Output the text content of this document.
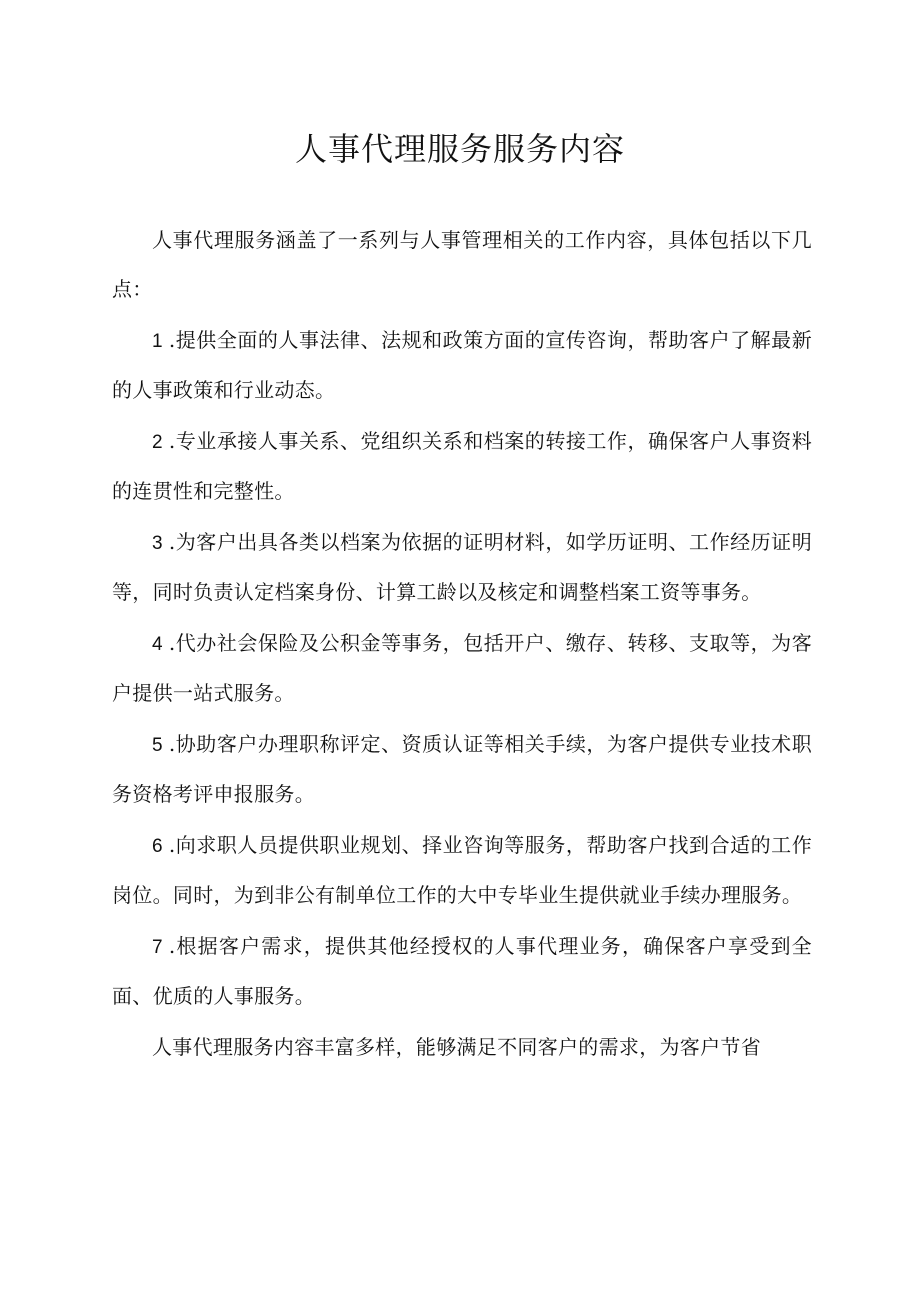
人事代理服务服务内容

人事代理服务涵盖了一系列与人事管理相关的工作内容，具体包括以下几点：

1 .提供全面的人事法律、法规和政策方面的宣传咨询，帮助客户了解最新的人事政策和行业动态。

2 .专业承接人事关系、党组织关系和档案的转接工作，确保客户人事资料的连贯性和完整性。

3 .为客户出具各类以档案为依据的证明材料，如学历证明、工作经历证明等，同时负责认定档案身份、计算工龄以及核定和调整档案工资等事务。

4 .代办社会保险及公积金等事务，包括开户、缴存、转移、支取等，为客户提供一站式服务。

5 .协助客户办理职称评定、资质认证等相关手续，为客户提供专业技术职务资格考评申报服务。

6 .向求职人员提供职业规划、择业咨询等服务，帮助客户找到合适的工作岗位。同时，为到非公有制单位工作的大中专毕业生提供就业手续办理服务。

7 .根据客户需求，提供其他经授权的人事代理业务，确保客户享受到全面、优质的人事服务。

人事代理服务内容丰富多样，能够满足不同客户的需求，为客户节省
